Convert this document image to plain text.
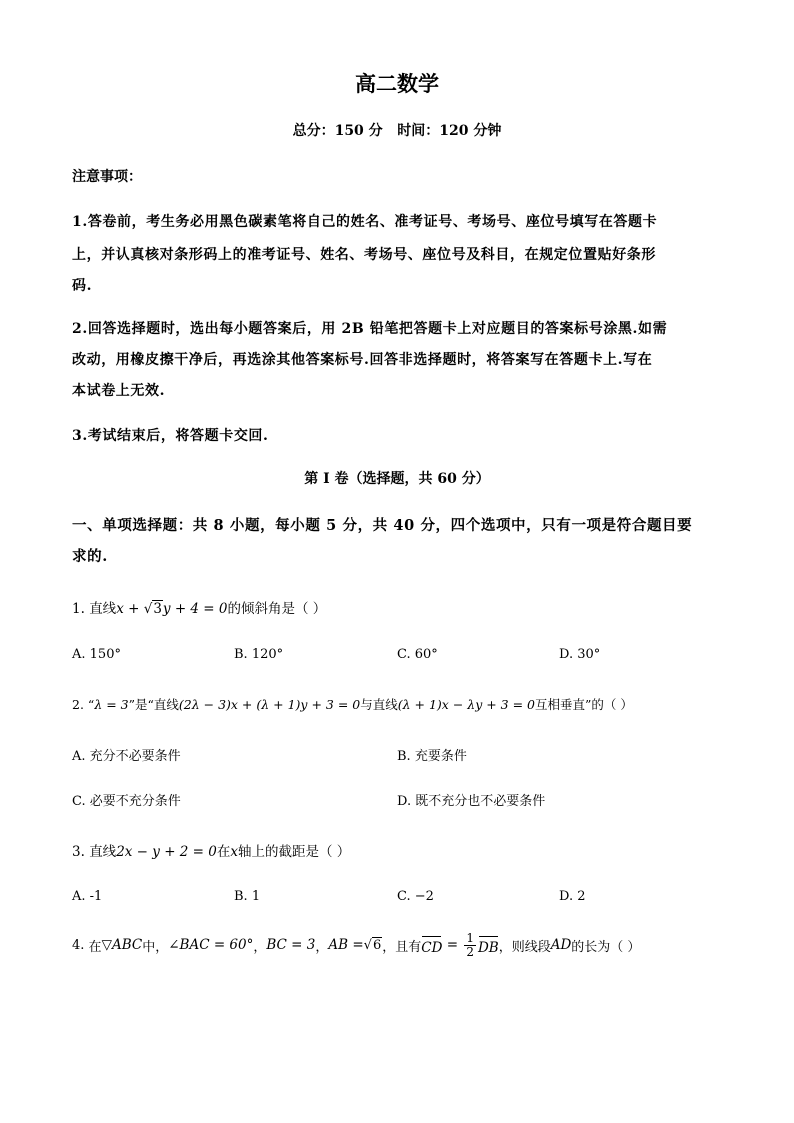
高二数学
总分：150 分   时间：120 分钟
注意事项：
1.答卷前，考生务必用黑色碳素笔将自己的姓名、准考证号、考场号、座位号填写在答题卡
上，并认真核对条形码上的准考证号、姓名、考场号、座位号及科目，在规定位置贴好条形
码.
2.回答选择题时，选出每小题答案后，用 2B 铅笔把答题卡上对应题目的答案标号涂黑.如需
改动，用橡皮擦干净后，再选涂其他答案标号.回答非选择题时，将答案写在答题卡上.写在
本试卷上无效.
3.考试结束后，将答题卡交回.
第 I 卷（选择题，共 60 分）
一、单项选择题：共 8 小题，每小题 5 分，共 40 分，四个选项中，只有一项是符合题目要
求的.
1. 直线x + √3y + 4 = 0的倾斜角是（ ）
A. 150°	B. 120°	C. 60°	D. 30°
2. “λ = 3”是“直线(2λ − 3)x + (λ + 1)y + 3 = 0与直线(λ + 1)x − λy + 3 = 0互相垂直”的（ ）
A. 充分不必要条件	B. 充要条件
C. 必要不充分条件	D. 既不充分也不必要条件
3. 直线2x − y + 2 = 0在x轴上的截距是（ ）
A. -1	B. 1	C. −2	D. 2
4.
在 ▽ABC 中， ∠BAC = 60° ， BC = 3 ， AB = √ 6 ，且有 CD = $\frac{1}{2}$ DB ，则线段 AD 的长为（ ）
